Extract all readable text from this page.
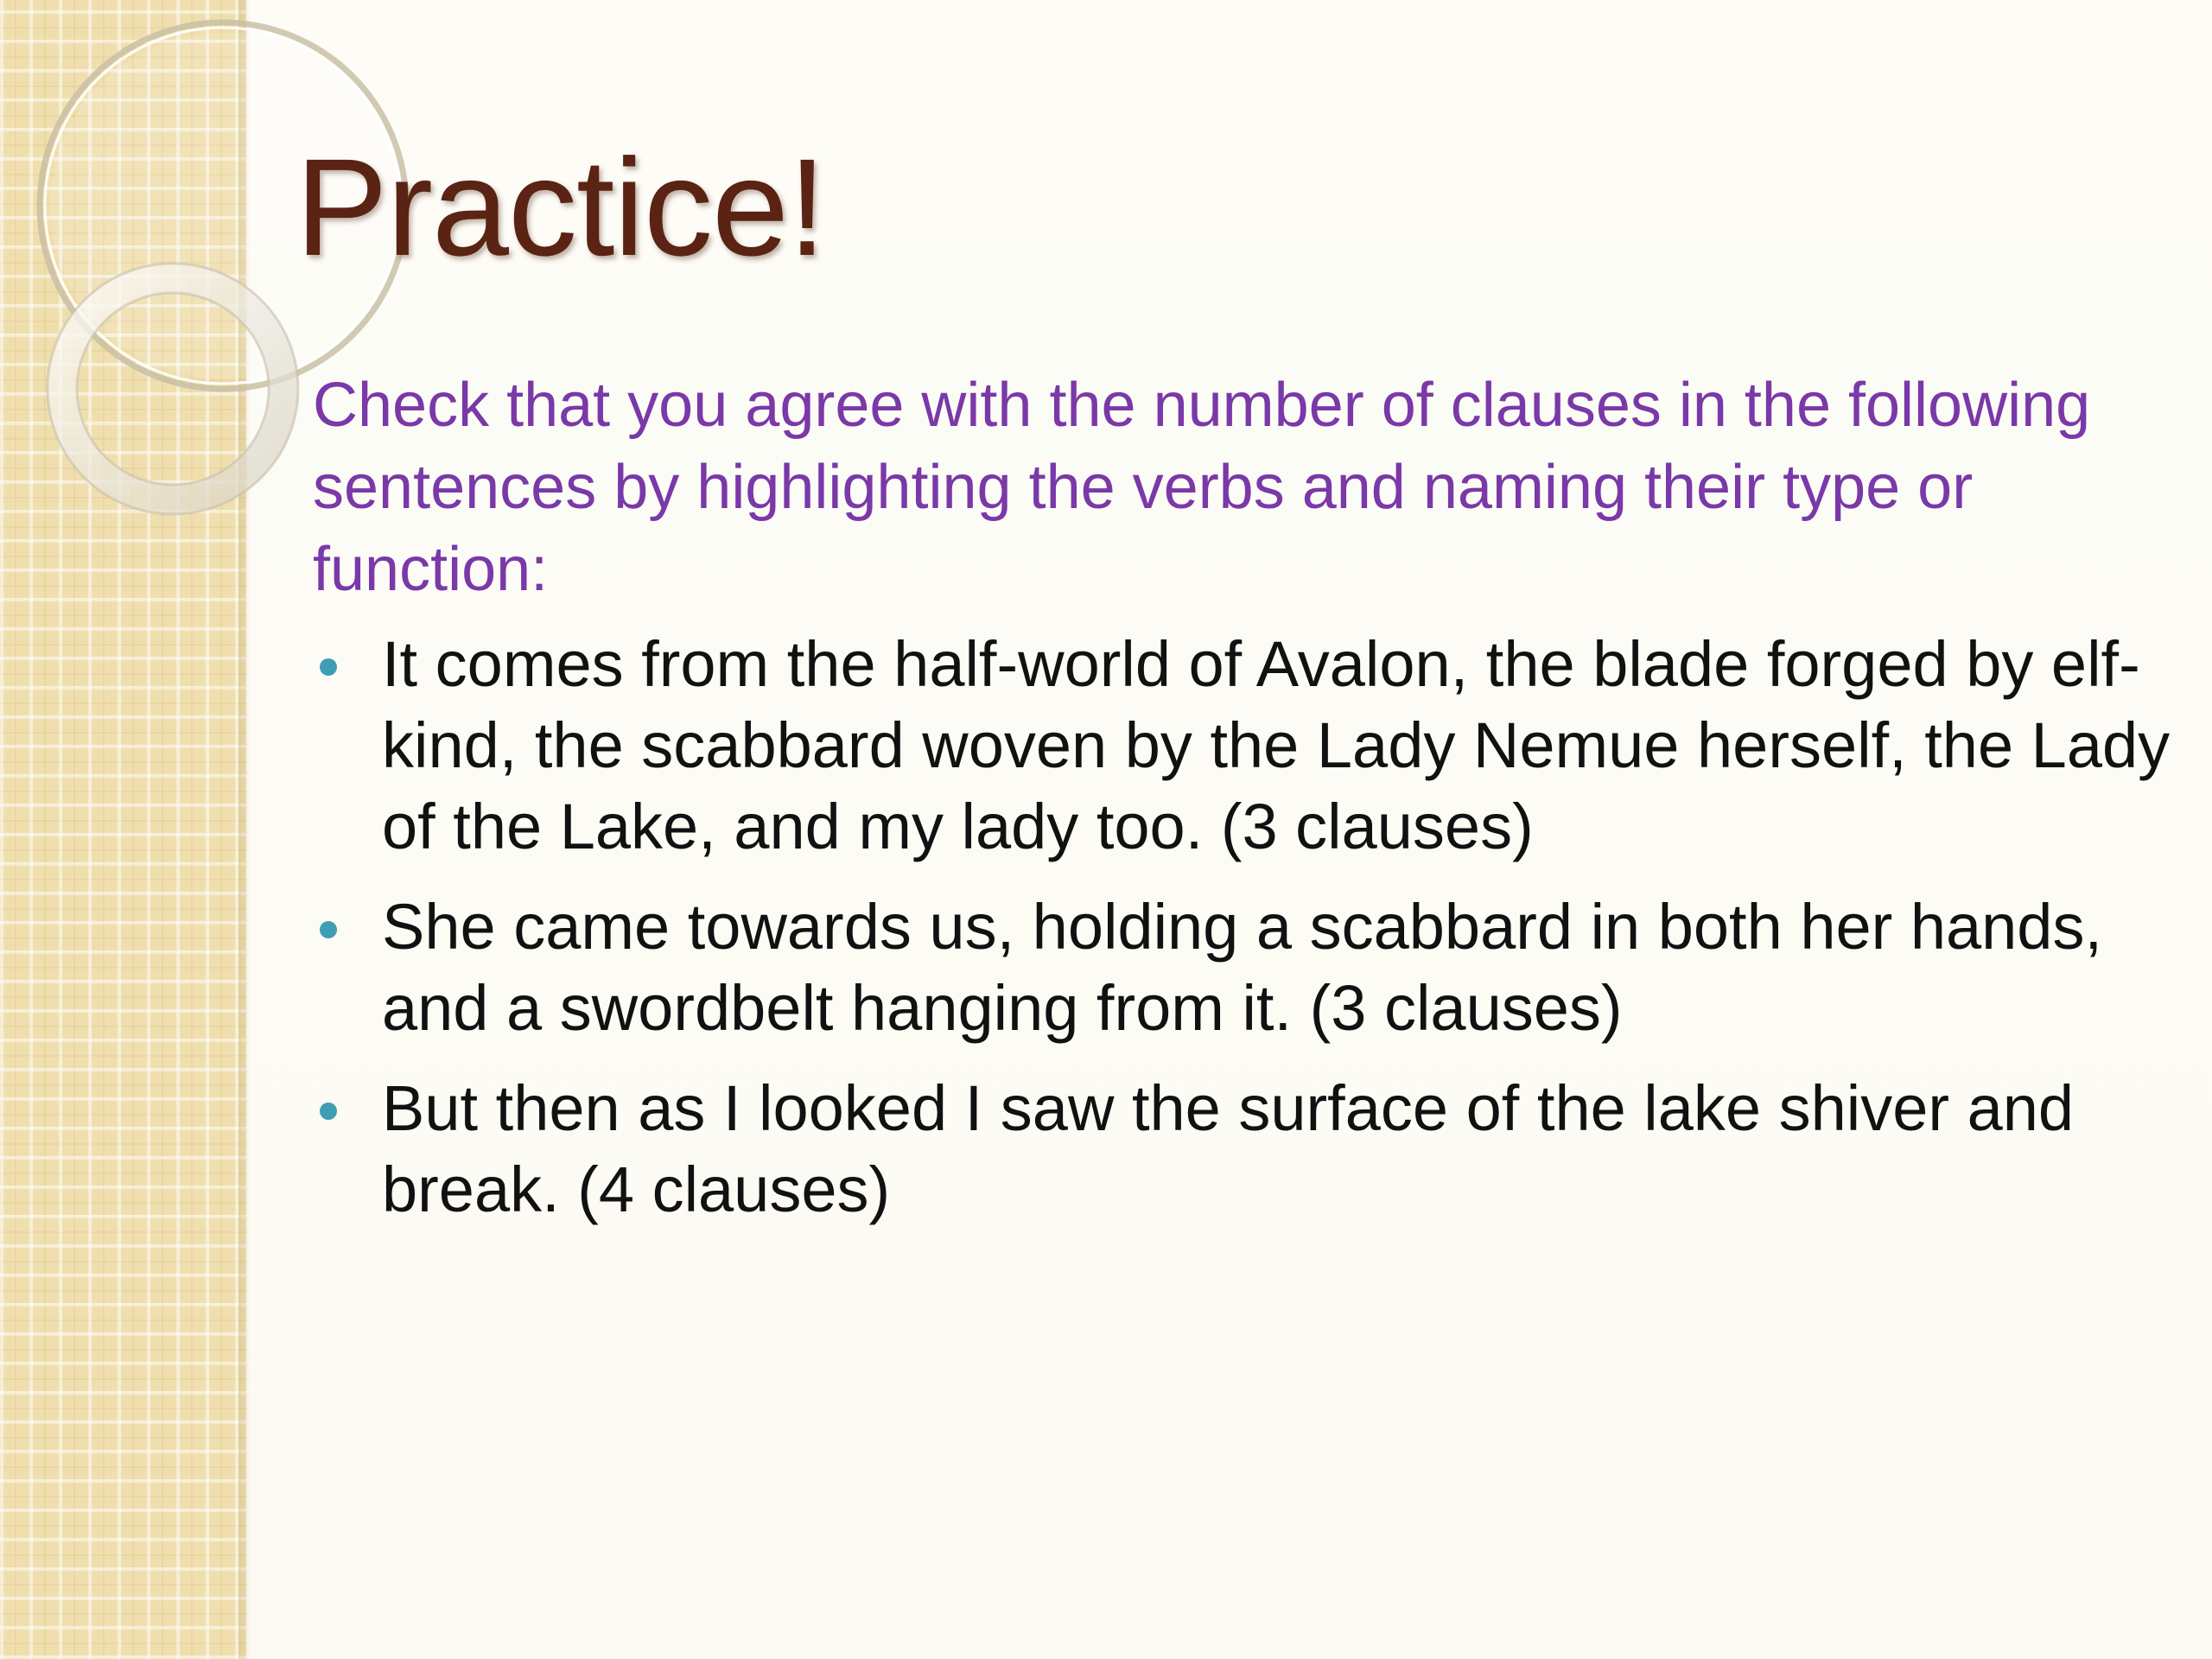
Practice!

Check that you agree with the number of clauses in the following sentences by highlighting the verbs and naming their type or function:

It comes from the half-world of Avalon, the blade forged by elf-kind, the scabbard woven by the Lady Nemue herself, the Lady of the Lake, and my lady too. (3 clauses)
She came towards us, holding a scabbard in both her hands, and a swordbelt hanging from it. (3 clauses)
But then as I looked I saw the surface of the lake shiver and break. (4 clauses)
